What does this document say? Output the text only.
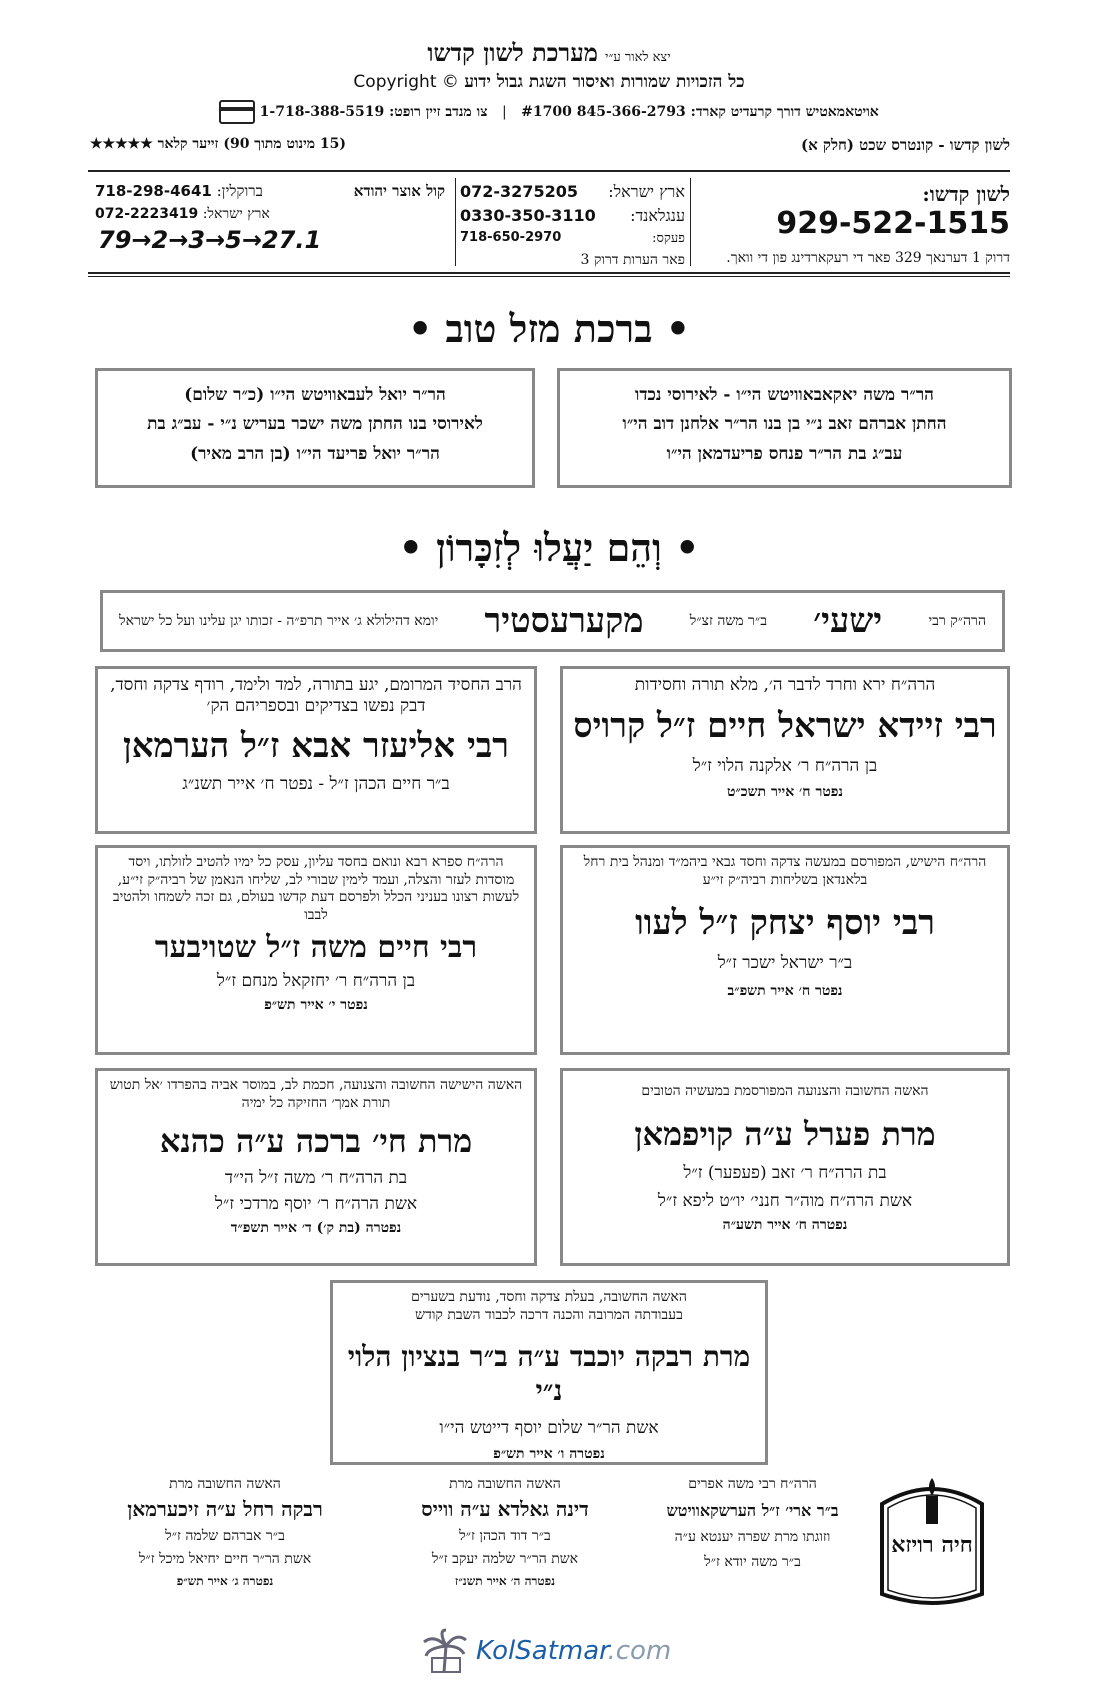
יצא לאור ע״י מערכת לשון קדשו
Copyright © כל הזכויות שמורות ואיסור השגת גבול ידוע
אויטאמאטיש דורך קרעדיט קארד: 845-366-2793 #1700 | צו מנדב זיין רופט: 1-718-388-5519
לשון קדשו - קונטרס שכט (חלק א)
(15 מינוט מתוך 90) זייער קלאר ★★★★★
לשון קדשו:
929-522-1515
דרוק 1 דערנאך 329 פאר די רעקארדינג פון די וואך.
ארץ ישראל:
072-3275205
ענגלאנד:
0330-350-3110
פעקס:
718-650-2970
פאר הערות דרוק 3
קול אוצר יהודא
ברוקלין: 718-298-4641
ארץ ישראל: 072-2223419
79→2→3→5→27.1
• ברכת מזל טוב •
הר״ר משה יאקאבאוויטש הי״ו - לאירוסי נכדו
החתן אברהם זאב נ״י בן בנו הר״ר אלחנן דוב הי״ו
עב״ג בת הר״ר פנחס פריעדמאן הי״ו
הר״ר יואל לעבאוויטש הי״ו (כ״ר שלום)
לאירוסי בנו החתן משה ישכר בעריש נ״י - עב״ג בת
הר״ר יואל פריעד הי״ו (בן הרב מאיר)
• וְהֵם יַעֲלוּ לְזִכָּרוֹן •
הרה״ק רבי
ישעי׳
ב״ר משה זצ״ל
מקערעסטיר
יומא דהילולא ג׳ אייר תרפ״ה - זכותו יגן עלינו ועל כל ישראל
הרה״ח ירא וחרד לדבר ה׳, מלא תורה וחסידות
רבי זיידא ישראל חיים ז״ל קרויס
בן הרה״ח ר׳ אלקנה הלוי ז״ל
נפטר ח׳ אייר תשכ״ט
הרב החסיד המרומם, יגע בתורה, למד ולימד, רודף צדקה וחסד, דבק נפשו בצדיקים ובספריהם הק׳
רבי אליעזר אבא ז״ל הערמאן
ב״ר חיים הכהן ז״ל - נפטר ח׳ אייר תשנ״ג
הרה״ח הישיש, המפורסם במעשה צדקה וחסד גבאי ביהמ״ד ומנהל בית רחל בלאנדאן בשליחות רביה״ק זי״ע
רבי יוסף יצחק ז״ל לעוו
ב״ר ישראל ישכר ז״ל
נפטר ח׳ אייר תשפ״ב
הרה״ח ספרא רבא ונואם בחסד עליון, עסק כל ימיו להטיב לזולתו, ויסד מוסדות לעזר והצלה, ועמד לימין שבורי לב, שליחו הנאמן של רביה״ק זי״ע, לעשות רצונו בעניני הכלל ולפרסם דעת קדשו בעולם, גם זכה לשמחו ולהטיב לבבו
רבי חיים משה ז״ל שטויבער
בן הרה״ח ר׳ יחזקאל מנחם ז״ל
נפטר י׳ אייר תש״פ
האשה החשובה והצנועה המפורסמת במעשיה הטובים
מרת פערל ע״ה קויפמאן
בת הרה״ח ר׳ זאב (פעפער) ז״ל
אשת הרה״ח מוה״ר חנני׳ יו״ט ליפא ז״ל
נפטרה ח׳ אייר תשע״ה
האשה הישישה החשובה והצנועה, חכמת לב, במוסר אביה בהפרדו ׳אל תטוש תורת אמך׳ החזיקה כל ימיה
מרת חי׳ ברכה ע״ה כהנא
בת הרה״ח ר׳ משה ז״ל הי״ד
אשת הרה״ח ר׳ יוסף מרדכי ז״ל
נפטרה (בת ק׳) ד׳ אייר תשפ״ד
האשה החשובה, בעלת צדקה וחסד, נודעת בשערים
בעבודתה המרובה והכנה דרכה לכבוד השבת קודש
מרת רבקה יוכבד ע״ה ב״ר בנציון הלוי נ״י
אשת הר״ר שלום יוסף דייטש הי״ו
נפטרה ו׳ אייר תש״פ
האשה החשובה מרת
רבקה רחל ע״ה זיכערמאן
ב״ר אברהם שלמה ז״ל
אשת הר״ר חיים יחיאל מיכל ז״ל
נפטרה ג׳ אייר תש״פ
האשה החשובה מרת
דינה גאלדא ע״ה ווייס
ב״ר דוד הכהן ז״ל
אשת הר״ר שלמה יעקב ז״ל
נפטרה ה׳ אייר תשנ״ז
הרה״ח רבי משה אפרים
ב״ר ארי׳ ז״ל הערשקאוויטש
וזוגתו מרת שפרה יענטא ע״ה
ב״ר משה יודא ז״ל
חיה רויזא
KolSatmar.com
